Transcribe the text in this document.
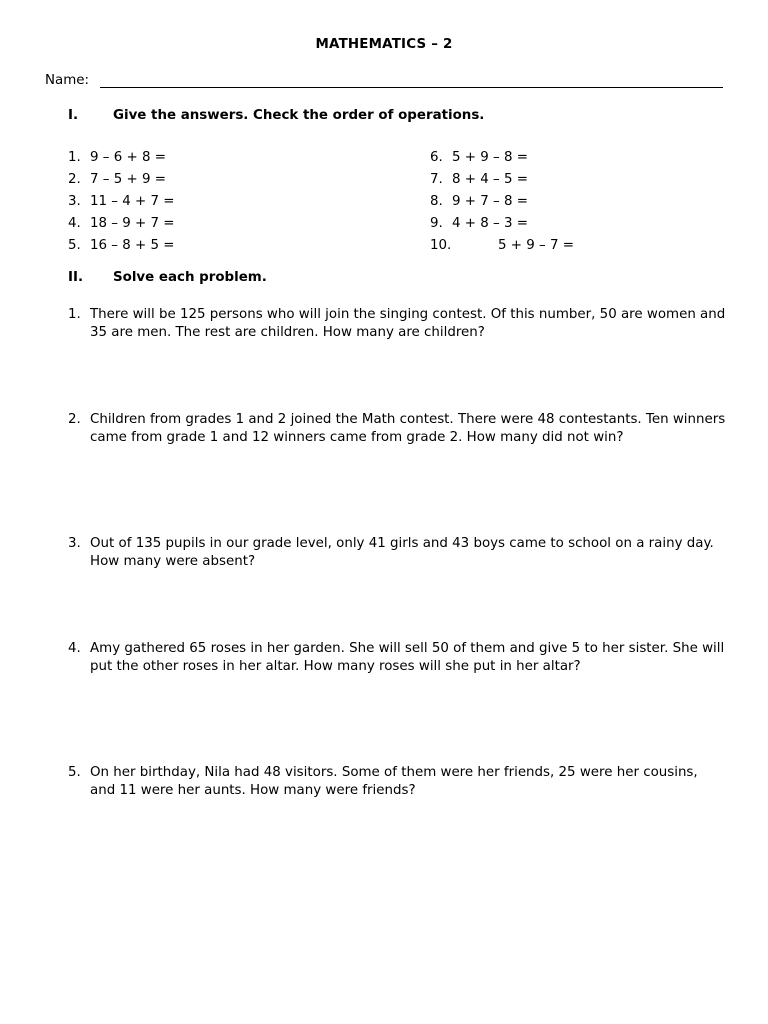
MATHEMATICS – 2
Name:
I.	Give the answers. Check the order of operations.
1. 9 – 6 + 8 =
2. 7 – 5 + 9 =
3. 11 – 4 + 7 =
4. 18 – 9 + 7 =
5. 16 – 8 + 5 =
6. 5 + 9 – 8 =
7. 8 + 4 – 5 =
8. 9 + 7 – 8 =
9. 4 + 8 – 3 =
10.	5 + 9 – 7 =
II. Solve each problem.
1. There will be 125 persons who will join the singing contest. Of this number, 50 are women and 35 are men. The rest are children. How many are children?
2. Children from grades 1 and 2 joined the Math contest. There were 48 contestants. Ten winners came from grade 1 and 12 winners came from grade 2. How many did not win?
3. Out of 135 pupils in our grade level, only 41 girls and 43 boys came to school on a rainy day. How many were absent?
4. Amy gathered 65 roses in her garden. She will sell 50 of them and give 5 to her sister. She will put the other roses in her altar. How many roses will she put in her altar?
5. On her birthday, Nila had 48 visitors. Some of them were her friends, 25 were her cousins, and 11 were her aunts. How many were friends?
